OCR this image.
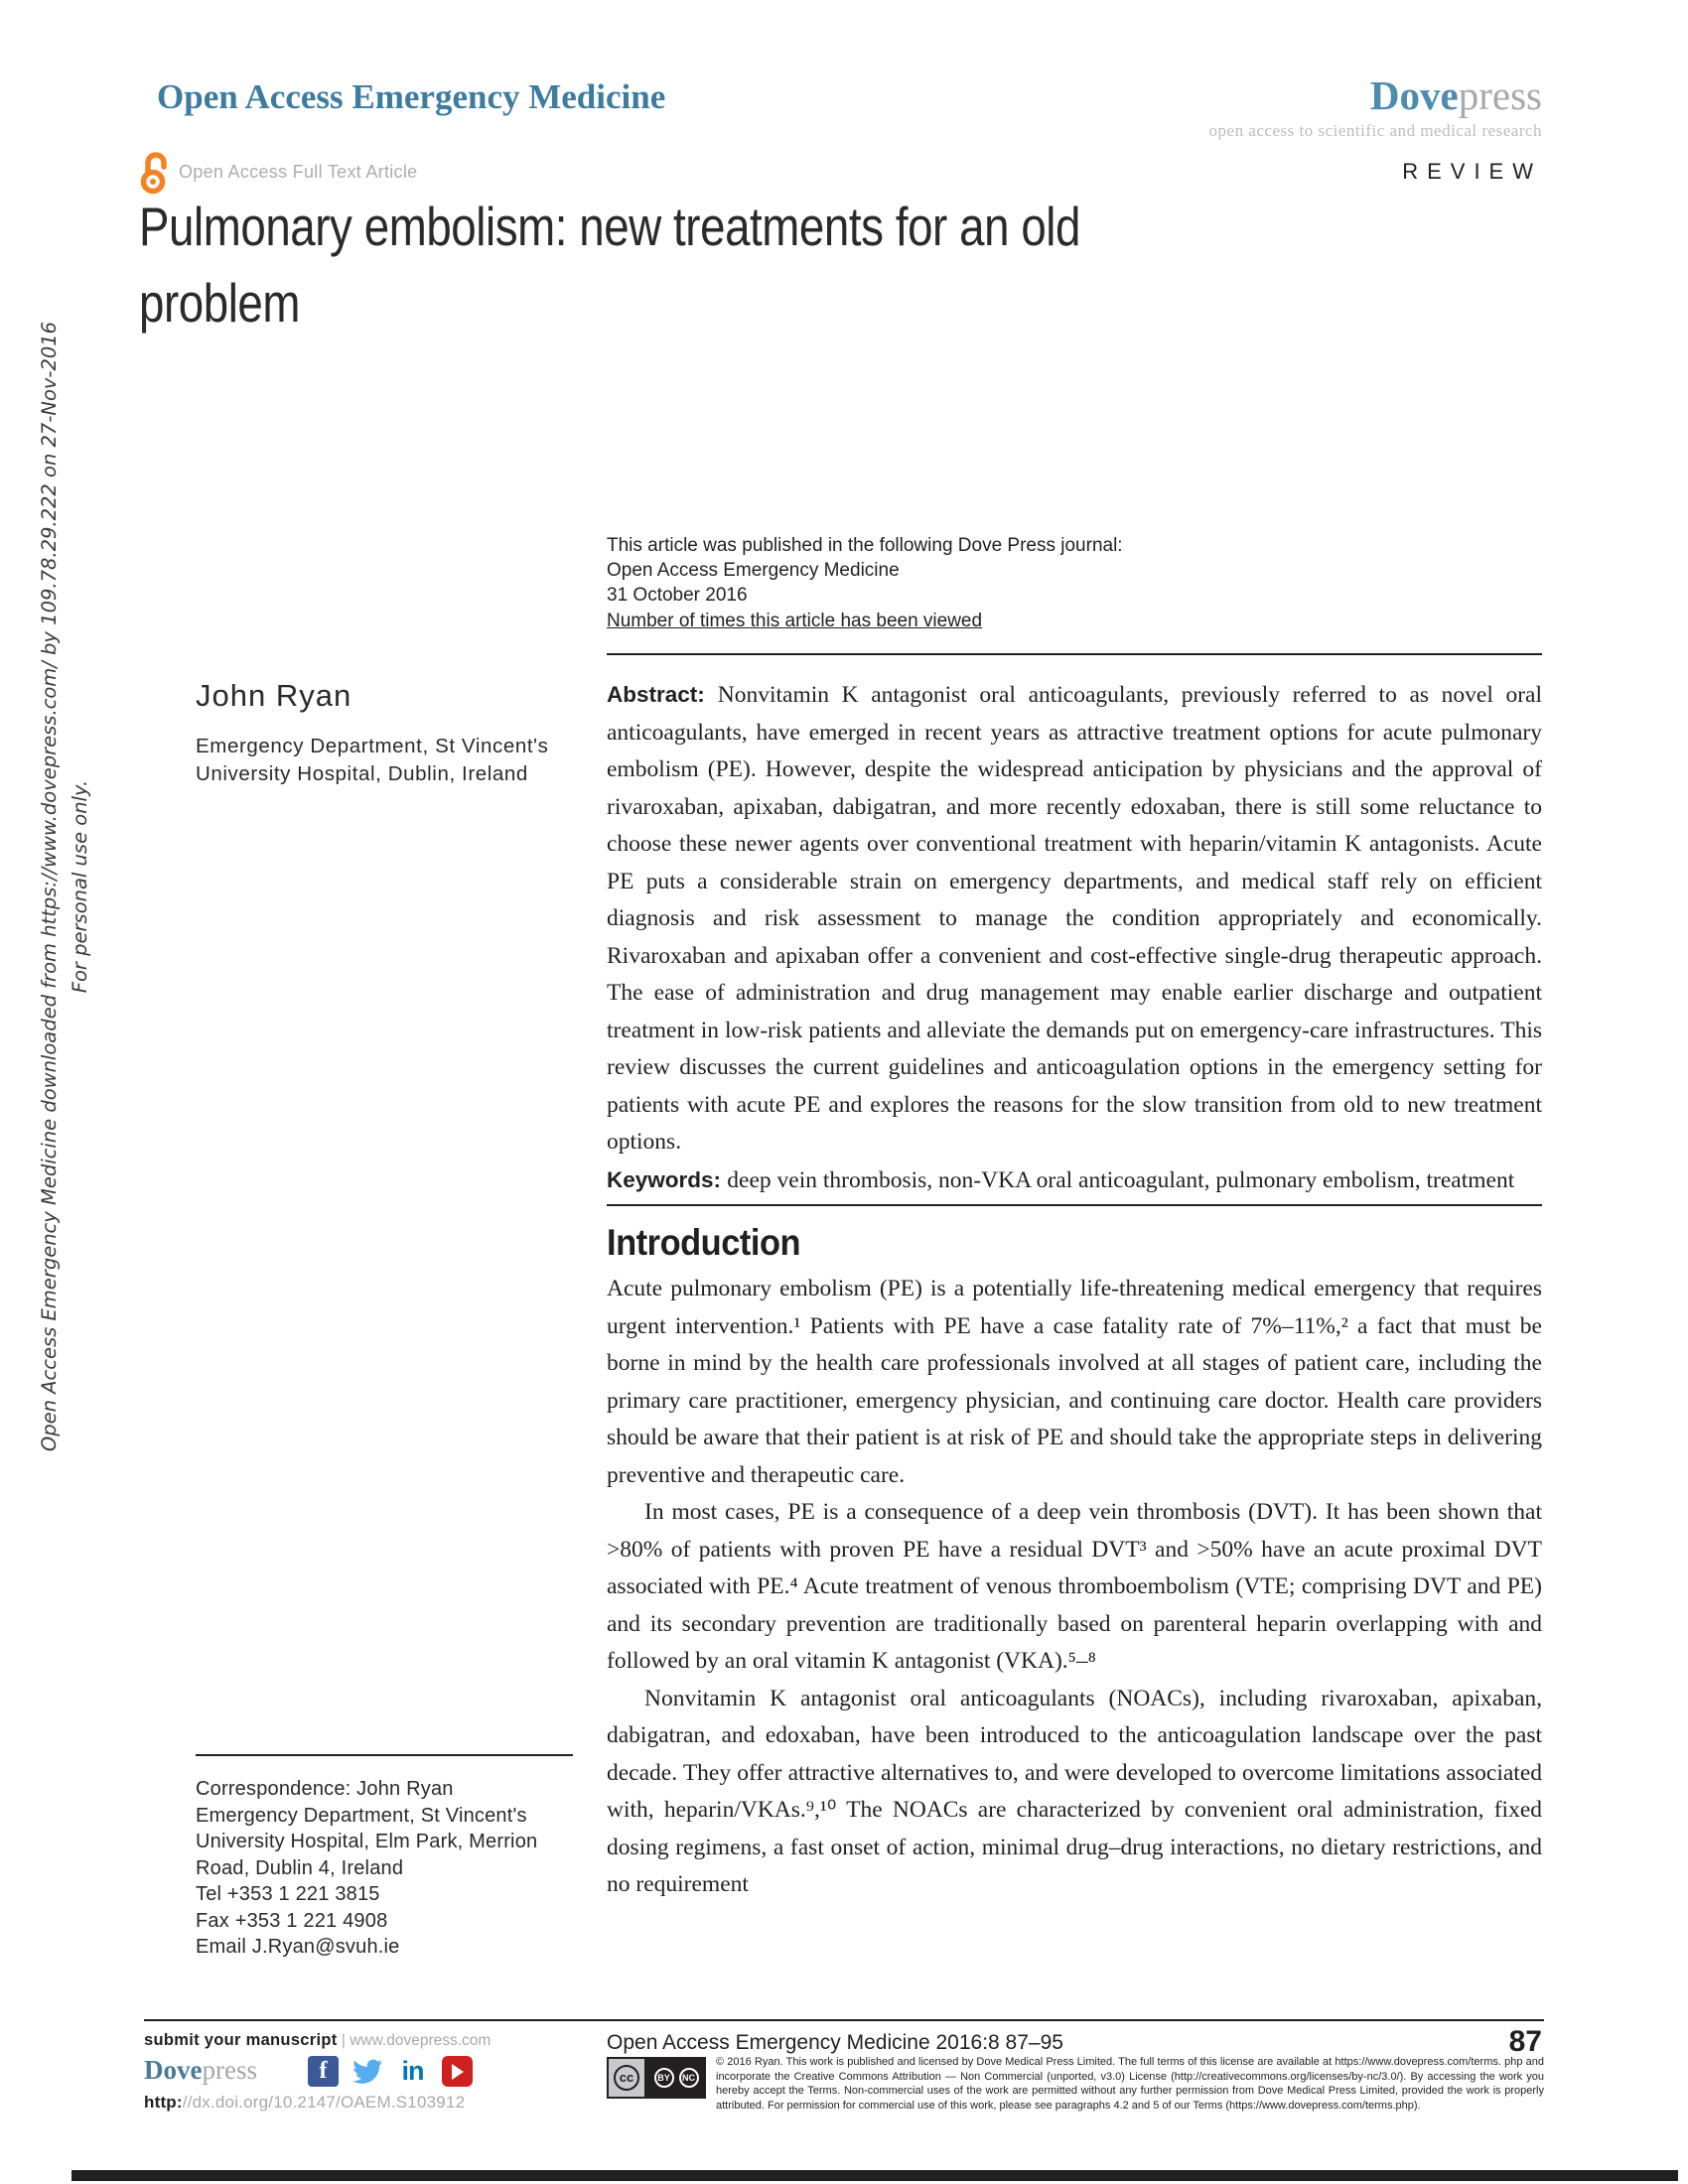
Open Access Emergency Medicine downloaded from https://www.dovepress.com/ by 109.78.29.222 on 27-Nov-2016 For personal use only.
Open Access Emergency Medicine	Dovepress
open access to scientific and medical research
Open Access Full Text Article	REVIEW
Pulmonary embolism: new treatments for an old
problem
This article was published in the following Dove Press journal:
Open Access Emergency Medicine
31 October 2016
Number of times this article has been viewed
John Ryan
Emergency Department, St Vincent's University Hospital, Dublin, Ireland

Abstract: Nonvitamin K antagonist oral anticoagulants, previously referred to as novel oral anticoagulants, have emerged in recent years as attractive treatment options for acute pulmonary embolism (PE). However, despite the widespread anticipation by physicians and the approval of rivaroxaban, apixaban, dabigatran, and more recently edoxaban, there is still some reluctance to choose these newer agents over conventional treatment with heparin/vitamin K antagonists. Acute PE puts a considerable strain on emergency departments, and medical staff rely on efficient diagnosis and risk assessment to manage the condition appropriately and economically. Rivaroxaban and apixaban offer a convenient and cost-effective single-drug therapeutic approach. The ease of administration and drug management may enable earlier discharge and outpatient treatment in low-risk patients and alleviate the demands put on emergency-care infrastructures. This review discusses the current guidelines and anticoagulation options in the emergency setting for patients with acute PE and explores the reasons for the slow transition from old to new treatment options.

Keywords: deep vein thrombosis, non-VKA oral anticoagulant, pulmonary embolism, treatment

Introduction

Acute pulmonary embolism (PE) is a potentially life-threatening medical emergency that requires urgent intervention.¹ Patients with PE have a case fatality rate of 7%–11%,² a fact that must be borne in mind by the health care professionals involved at all stages of patient care, including the primary care practitioner, emergency physician, and continuing care doctor. Health care providers should be aware that their patient is at risk of PE and should take the appropriate steps in delivering preventive and therapeutic care.

In most cases, PE is a consequence of a deep vein thrombosis (DVT). It has been shown that >80% of patients with proven PE have a residual DVT³ and >50% have an acute proximal DVT associated with PE.⁴ Acute treatment of venous thromboembolism (VTE; comprising DVT and PE) and its secondary prevention are traditionally based on parenteral heparin overlapping with and followed by an oral vitamin K antagonist (VKA).⁵–⁸

Nonvitamin K antagonist oral anticoagulants (NOACs), including rivaroxaban, apixaban, dabigatran, and edoxaban, have been introduced to the anticoagulation landscape over the past decade. They offer attractive alternatives to, and were developed to overcome limitations associated with, heparin/VKAs.⁹,¹⁰ The NOACs are characterized by convenient oral administration, fixed dosing regimens, a fast onset of action, minimal drug–drug interactions, no dietary restrictions, and no requirement

Correspondence: John Ryan
Emergency Department, St Vincent's
University Hospital, Elm Park, Merrion
Road, Dublin 4, Ireland
Tel +353 1 221 3815
Fax +353 1 221 4908
Email J.Ryan@svuh.ie
submit your manuscript | www.dovepress.com
Dovepress	f	in
http://dx.doi.org/10.2147/OAEM.S103912
Open Access Emergency Medicine 2016:8 87–95	87
cc	BY	NC
© 2016 Ryan. This work is published and licensed by Dove Medical Press Limited. The full terms of this license are available at https://www.dovepress.com/terms. php and incorporate the Creative Commons Attribution — Non Commercial (unported, v3.0) License (http://creativecommons.org/licenses/by-nc/3.0/). By accessing the work you hereby accept the Terms. Non-commercial uses of the work are permitted without any further permission from Dove Medical Press Limited, provided the work is properly attributed. For permission for commercial use of this work, please see paragraphs 4.2 and 5 of our Terms (https://www.dovepress.com/terms.php).
